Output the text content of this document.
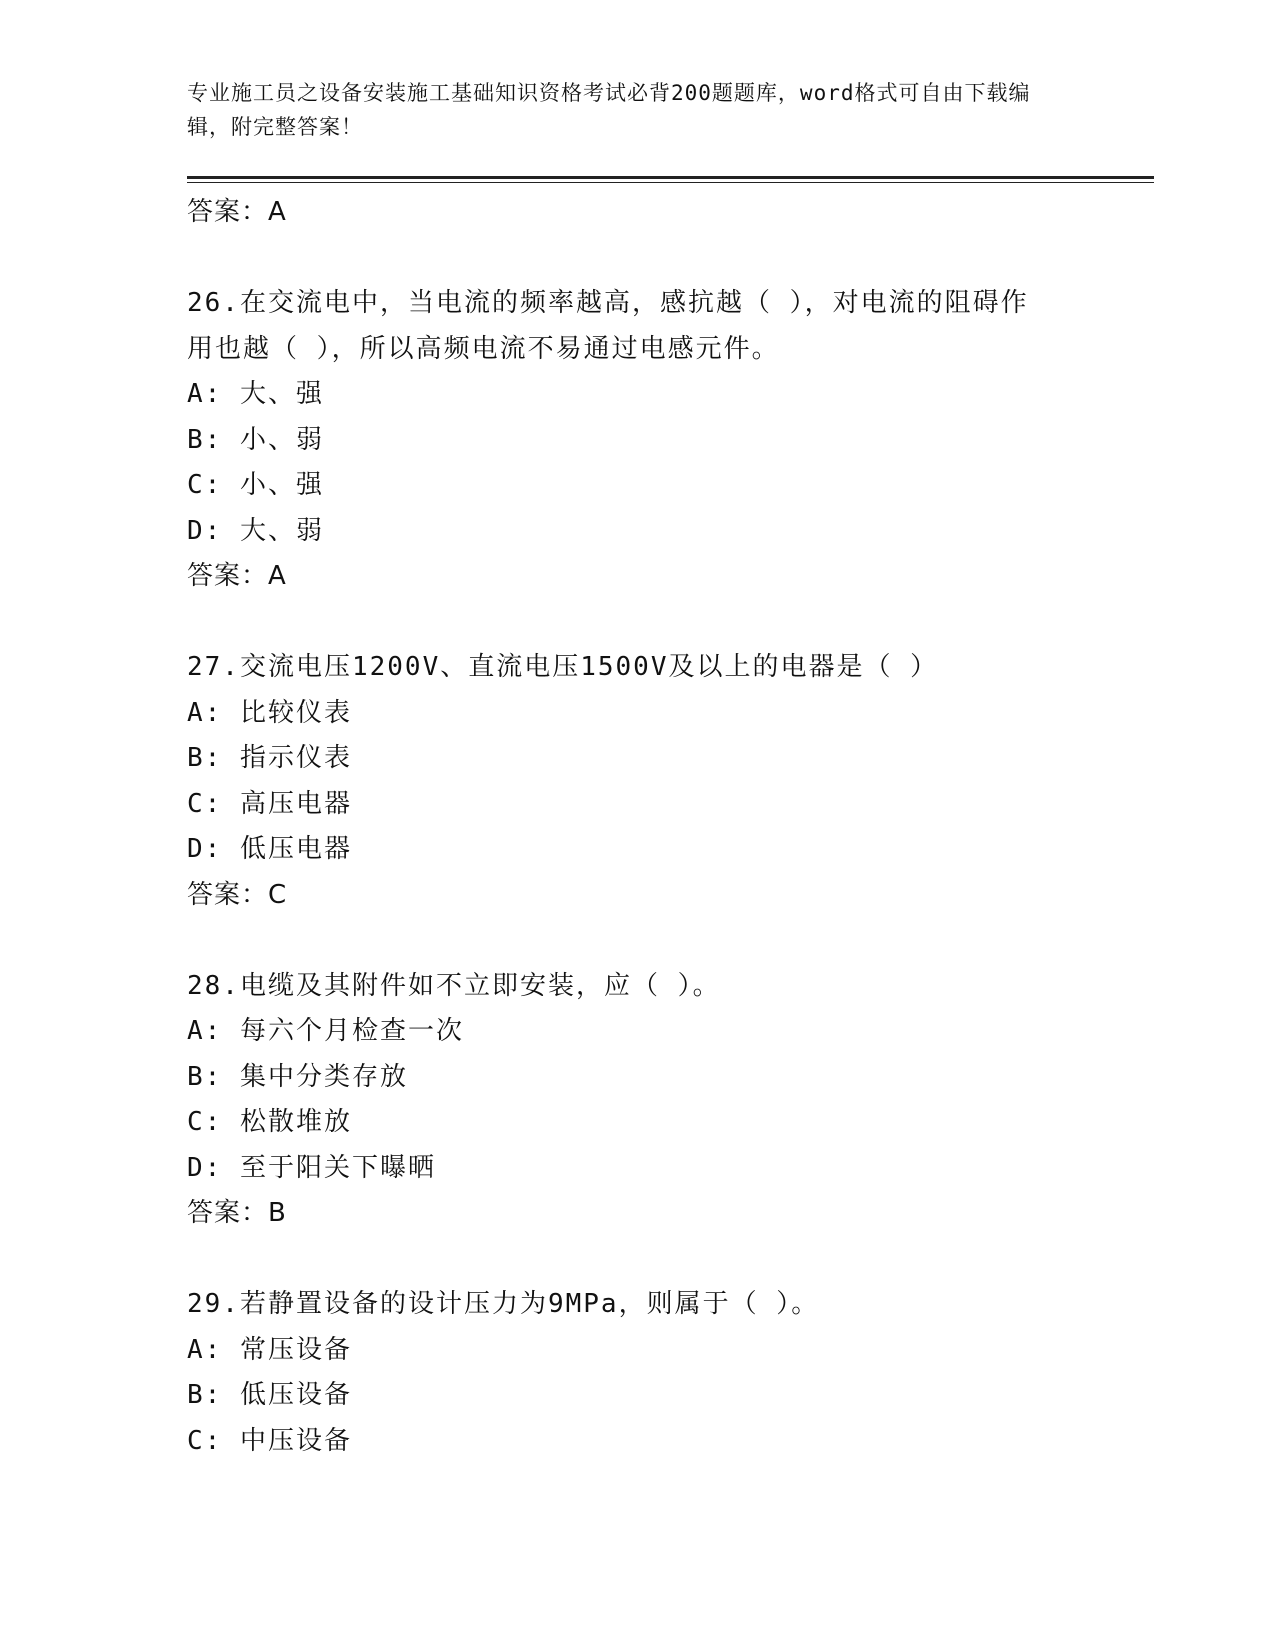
专业施工员之设备安装施工基础知识资格考试必背200题题库，word格式可自由下载编辑，附完整答案！
答案：A
26.在交流电中，当电流的频率越高，感抗越（ ），对电流的阻碍作
用也越（ ），所以高频电流不易通过电感元件。
A: 大、强
B: 小、弱
C: 小、强
D: 大、弱
答案：A
27.交流电压1200V、直流电压1500V及以上的电器是（ ）
A: 比较仪表
B: 指示仪表
C: 高压电器
D: 低压电器
答案：C
28.电缆及其附件如不立即安装，应（ ）。
A: 每六个月检查一次
B: 集中分类存放
C: 松散堆放
D: 至于阳关下曝晒
答案：B
29.若静置设备的设计压力为9MPa，则属于（ ）。
A: 常压设备
B: 低压设备
C: 中压设备
